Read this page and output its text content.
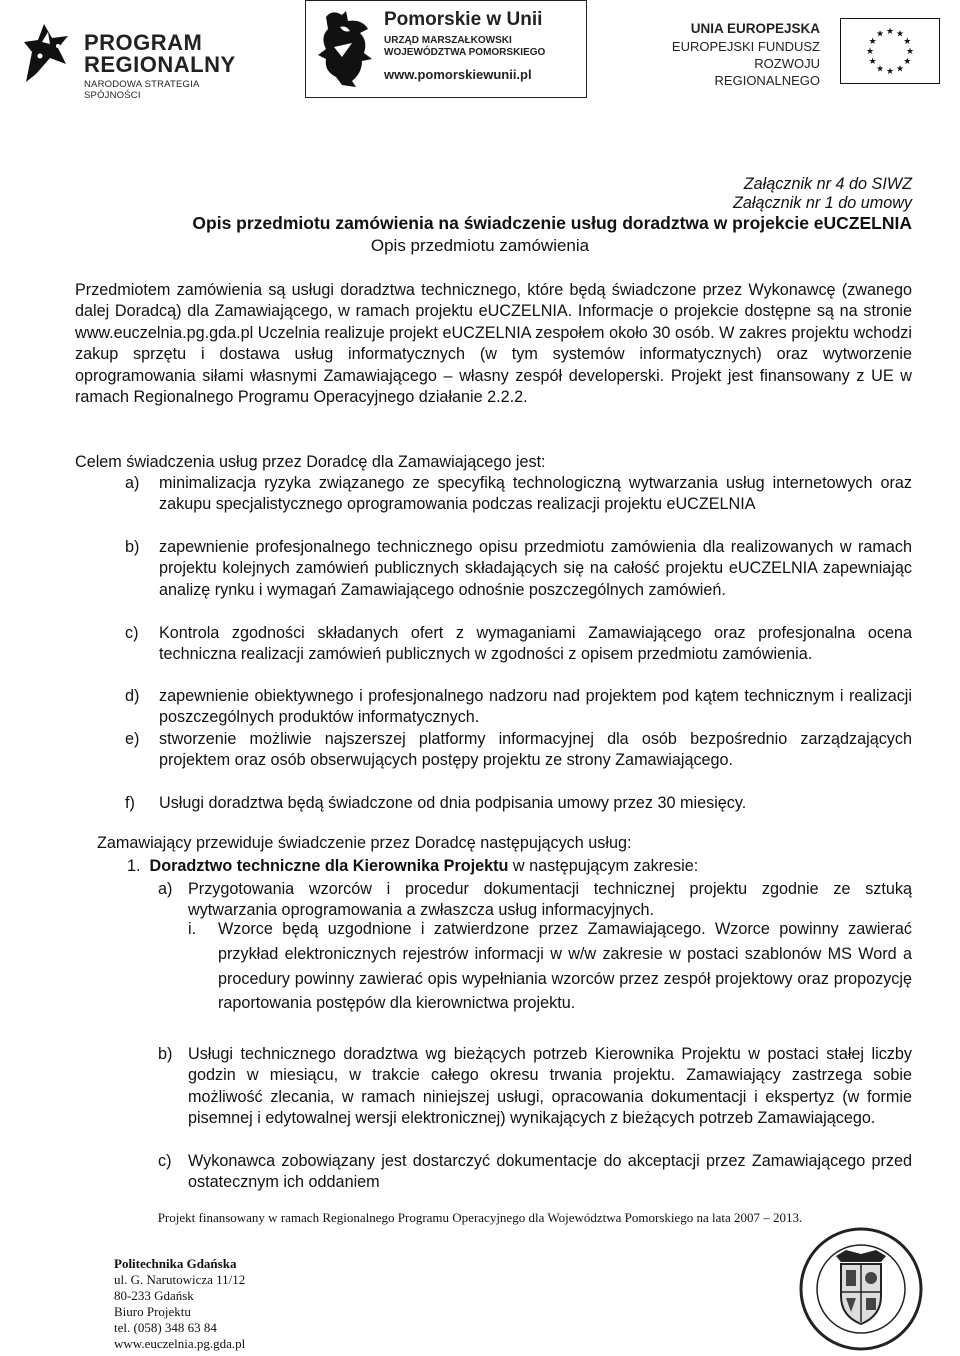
PROGRAM
REGIONALNY
NARODOWA STRATEGIA SPÓJNOŚCI
Pomorskie w Unii
URZĄD MARSZAŁKOWSKI
WOJEWÓDZTWA POMORSKIEGO
www.pomorskiewunii.pl
UNIA EUROPEJSKA
EUROPEJSKI FUNDUSZ
ROZWOJU REGIONALNEGO
★
★
★
★
★
★
★
★
★ ★ ★
★
Załącznik nr 4 do SIWZ
Załącznik nr 1 do umowy
Opis przedmiotu zamówienia na świadczenie usług doradztwa w projekcie eUCZELNIA
Opis przedmiotu zamówienia

Przedmiotem zamówienia są usługi doradztwa technicznego, które będą świadczone przez Wykonawcę (zwanego dalej Doradcą) dla Zamawiającego, w ramach projektu eUCZELNIA. Informacje o projekcie dostępne są na stronie www.euczelnia.pg.gda.pl Uczelnia realizuje projekt eUCZELNIA zespołem około 30 osób. W zakres projektu wchodzi zakup sprzętu i dostawa usług informatycznych (w tym systemów informatycznych) oraz wytworzenie oprogramowania siłami własnymi Zamawiającego – własny zespół developerski. Projekt jest finansowany z UE w ramach Regionalnego Programu Operacyjnego działanie 2.2.2.

Celem świadczenia usług przez Doradcę dla Zamawiającego jest:

a) minimalizacja ryzyka związanego ze specyfiką technologiczną wytwarzania usług internetowych oraz zakupu specjalistycznego oprogramowania podczas realizacji projektu eUCZELNIA
b) zapewnienie profesjonalnego technicznego opisu przedmiotu zamówienia dla realizowanych w ramach projektu kolejnych zamówień publicznych składających się na całość projektu eUCZELNIA zapewniając analizę rynku i wymagań Zamawiającego odnośnie poszczególnych zamówień.
c) Kontrola zgodności składanych ofert z wymaganiami Zamawiającego oraz profesjonalna ocena techniczna realizacji zamówień publicznych w zgodności z opisem przedmiotu zamówienia.
d) zapewnienie obiektywnego i profesjonalnego nadzoru nad projektem pod kątem technicznym i realizacji poszczególnych produktów informatycznych.
e) stworzenie możliwie najszerszej platformy informacyjnej dla osób bezpośrednio zarządzających projektem oraz osób obserwujących postępy projektu ze strony Zamawiającego.
f) Usługi doradztwa będą świadczone od dnia podpisania umowy przez 30 miesięcy.

Zamawiający przewiduje świadczenie przez Doradcę następujących usług:

1. Doradztwo techniczne dla Kierownika Projektu w następującym zakresie:
a) Przygotowania wzorców i procedur dokumentacji technicznej projektu zgodnie ze sztuką wytwarzania oprogramowania a zwłaszcza usług informacyjnych.
i. Wzorce będą uzgodnione i zatwierdzone przez Zamawiającego. Wzorce powinny zawierać przykład elektronicznych rejestrów informacji w w/w zakresie w postaci szablonów MS Word a procedury powinny zawierać opis wypełniania wzorców przez zespół projektowy oraz propozycję raportowania postępów dla kierownictwa projektu.
b) Usługi technicznego doradztwa wg bieżących potrzeb Kierownika Projektu w postaci stałej liczby godzin w miesiącu, w trakcie całego okresu trwania projektu. Zamawiający zastrzega sobie możliwość zlecania, w ramach niniejszej usługi, opracowania dokumentacji i ekspertyz (w formie pisemnej i edytowalnej wersji elektronicznej) wynikających z bieżących potrzeb Zamawiającego.
c) Wykonawca zobowiązany jest dostarczyć dokumentacje do akceptacji przez Zamawiającego przed ostatecznym ich oddaniem
Projekt finansowany w ramach Regionalnego Programu Operacyjnego dla Województwa Pomorskiego na lata 2007 – 2013.
Politechnika Gdańska
ul. G. Narutowicza 11/12
80-233 Gdańsk
Biuro Projektu
tel. (058) 348 63 84
www.euczelnia.pg.gda.pl
